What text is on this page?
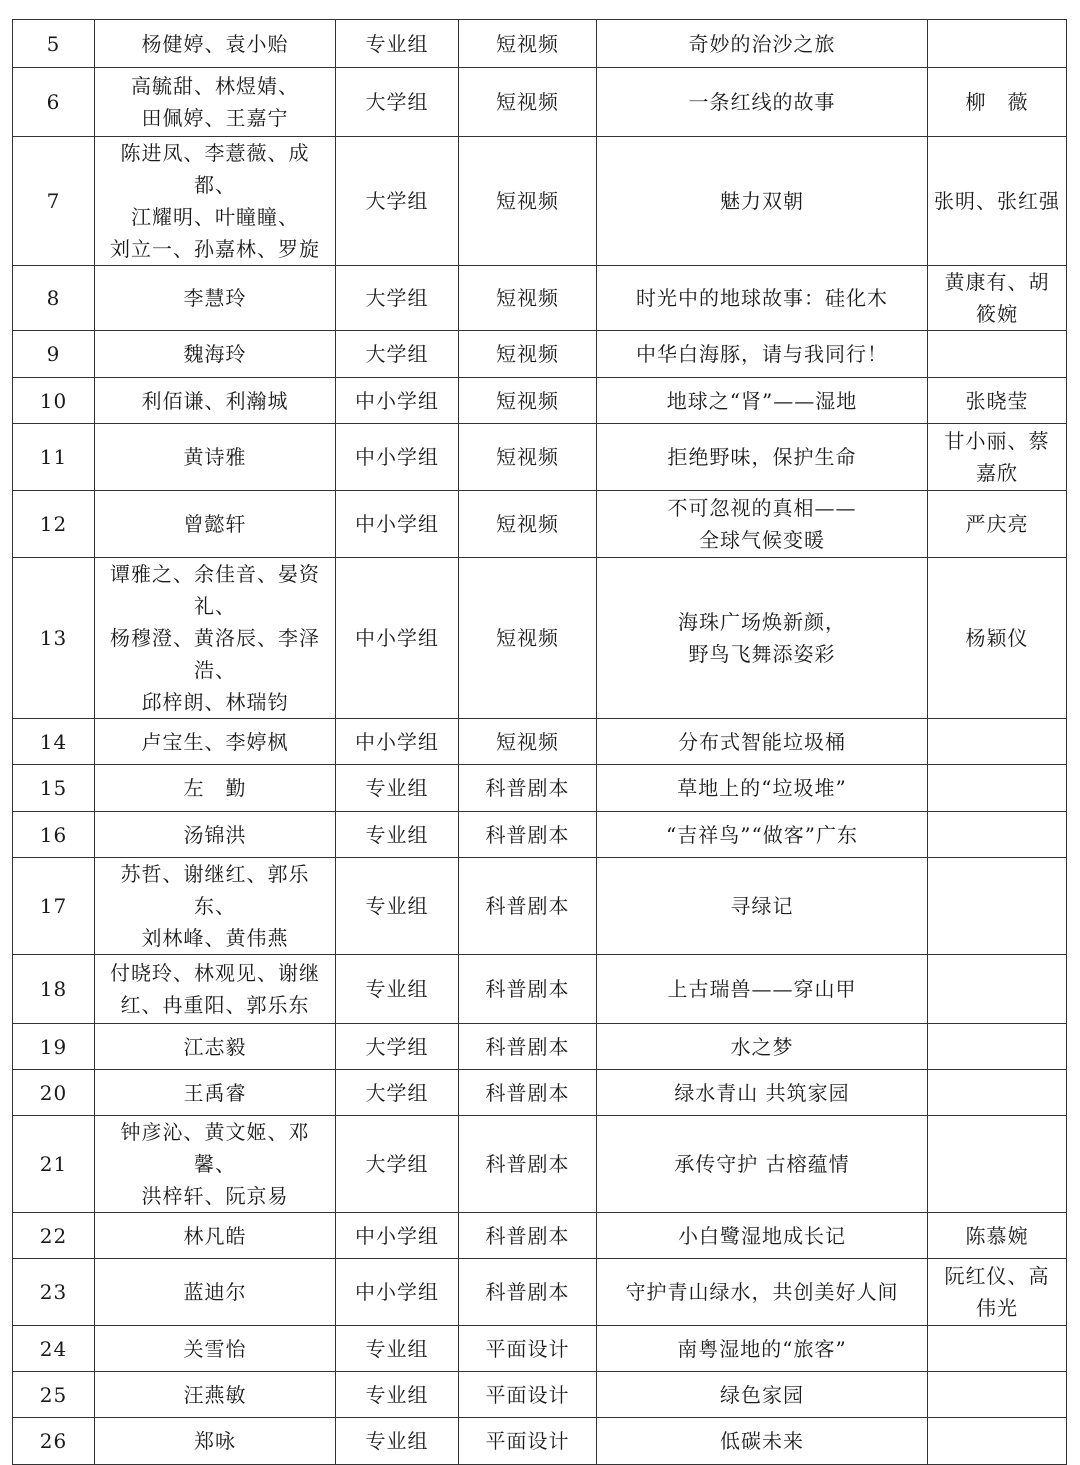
5	杨健婷、袁小贻	专业组	短视频	奇妙的治沙之旅	

6	高毓甜、林煜婧、
田佩婷、王嘉宁	大学组	短视频	一条红线的故事	柳　薇

7	陈进凤、李薏薇、成都、
江耀明、叶瞳瞳、
刘立一、孙嘉林、罗旋	大学组	短视频	魅力双朝	张明、张红强

8	李慧玲	大学组	短视频	时光中的地球故事：硅化木	黄康有、胡
筱婉

9	魏海玲	大学组	短视频	中华白海豚，请与我同行！	

10	利佰谦、利瀚城	中小学组	短视频	地球之“肾”——湿地	张晓莹

11	黄诗雅	中小学组	短视频	拒绝野味，保护生命	甘小丽、蔡
嘉欣

12	曾懿轩	中小学组	短视频	不可忽视的真相——
全球气候变暖	严庆亮

13	谭雅之、余佳音、晏资礼、
杨穆澄、黄洛辰、李泽浩、
邱梓朗、林瑞钧	中小学组	短视频	海珠广场焕新颜，
野鸟飞舞添姿彩	杨颖仪

14	卢宝生、李婷枫	中小学组	短视频	分布式智能垃圾桶	

15	左　勤	专业组	科普剧本	草地上的“垃圾堆”	

16	汤锦洪	专业组	科普剧本	“吉祥鸟”“做客”广东	

17	苏哲、谢继红、郭乐东、
刘林峰、黄伟燕	专业组	科普剧本	寻绿记	

18	付晓玲、林观见、谢继
红、冉重阳、郭乐东	专业组	科普剧本	上古瑞兽——穿山甲	

19	江志毅	大学组	科普剧本	水之梦	

20	王禹睿	大学组	科普剧本	绿水青山 共筑家园	

21	钟彦沁、黄文姬、邓馨、
洪梓轩、阮京易	大学组	科普剧本	承传守护 古榕蕴情	

22	林凡皓	中小学组	科普剧本	小白鹭湿地成长记	陈慕婉

23	蓝迪尔	中小学组	科普剧本	守护青山绿水，共创美好人间	阮红仪、高
伟光

24	关雪怡	专业组	平面设计	南粤湿地的“旅客”	

25	汪燕敏	专业组	平面设计	绿色家园	

26	郑咏	专业组	平面设计	低碳未来	
